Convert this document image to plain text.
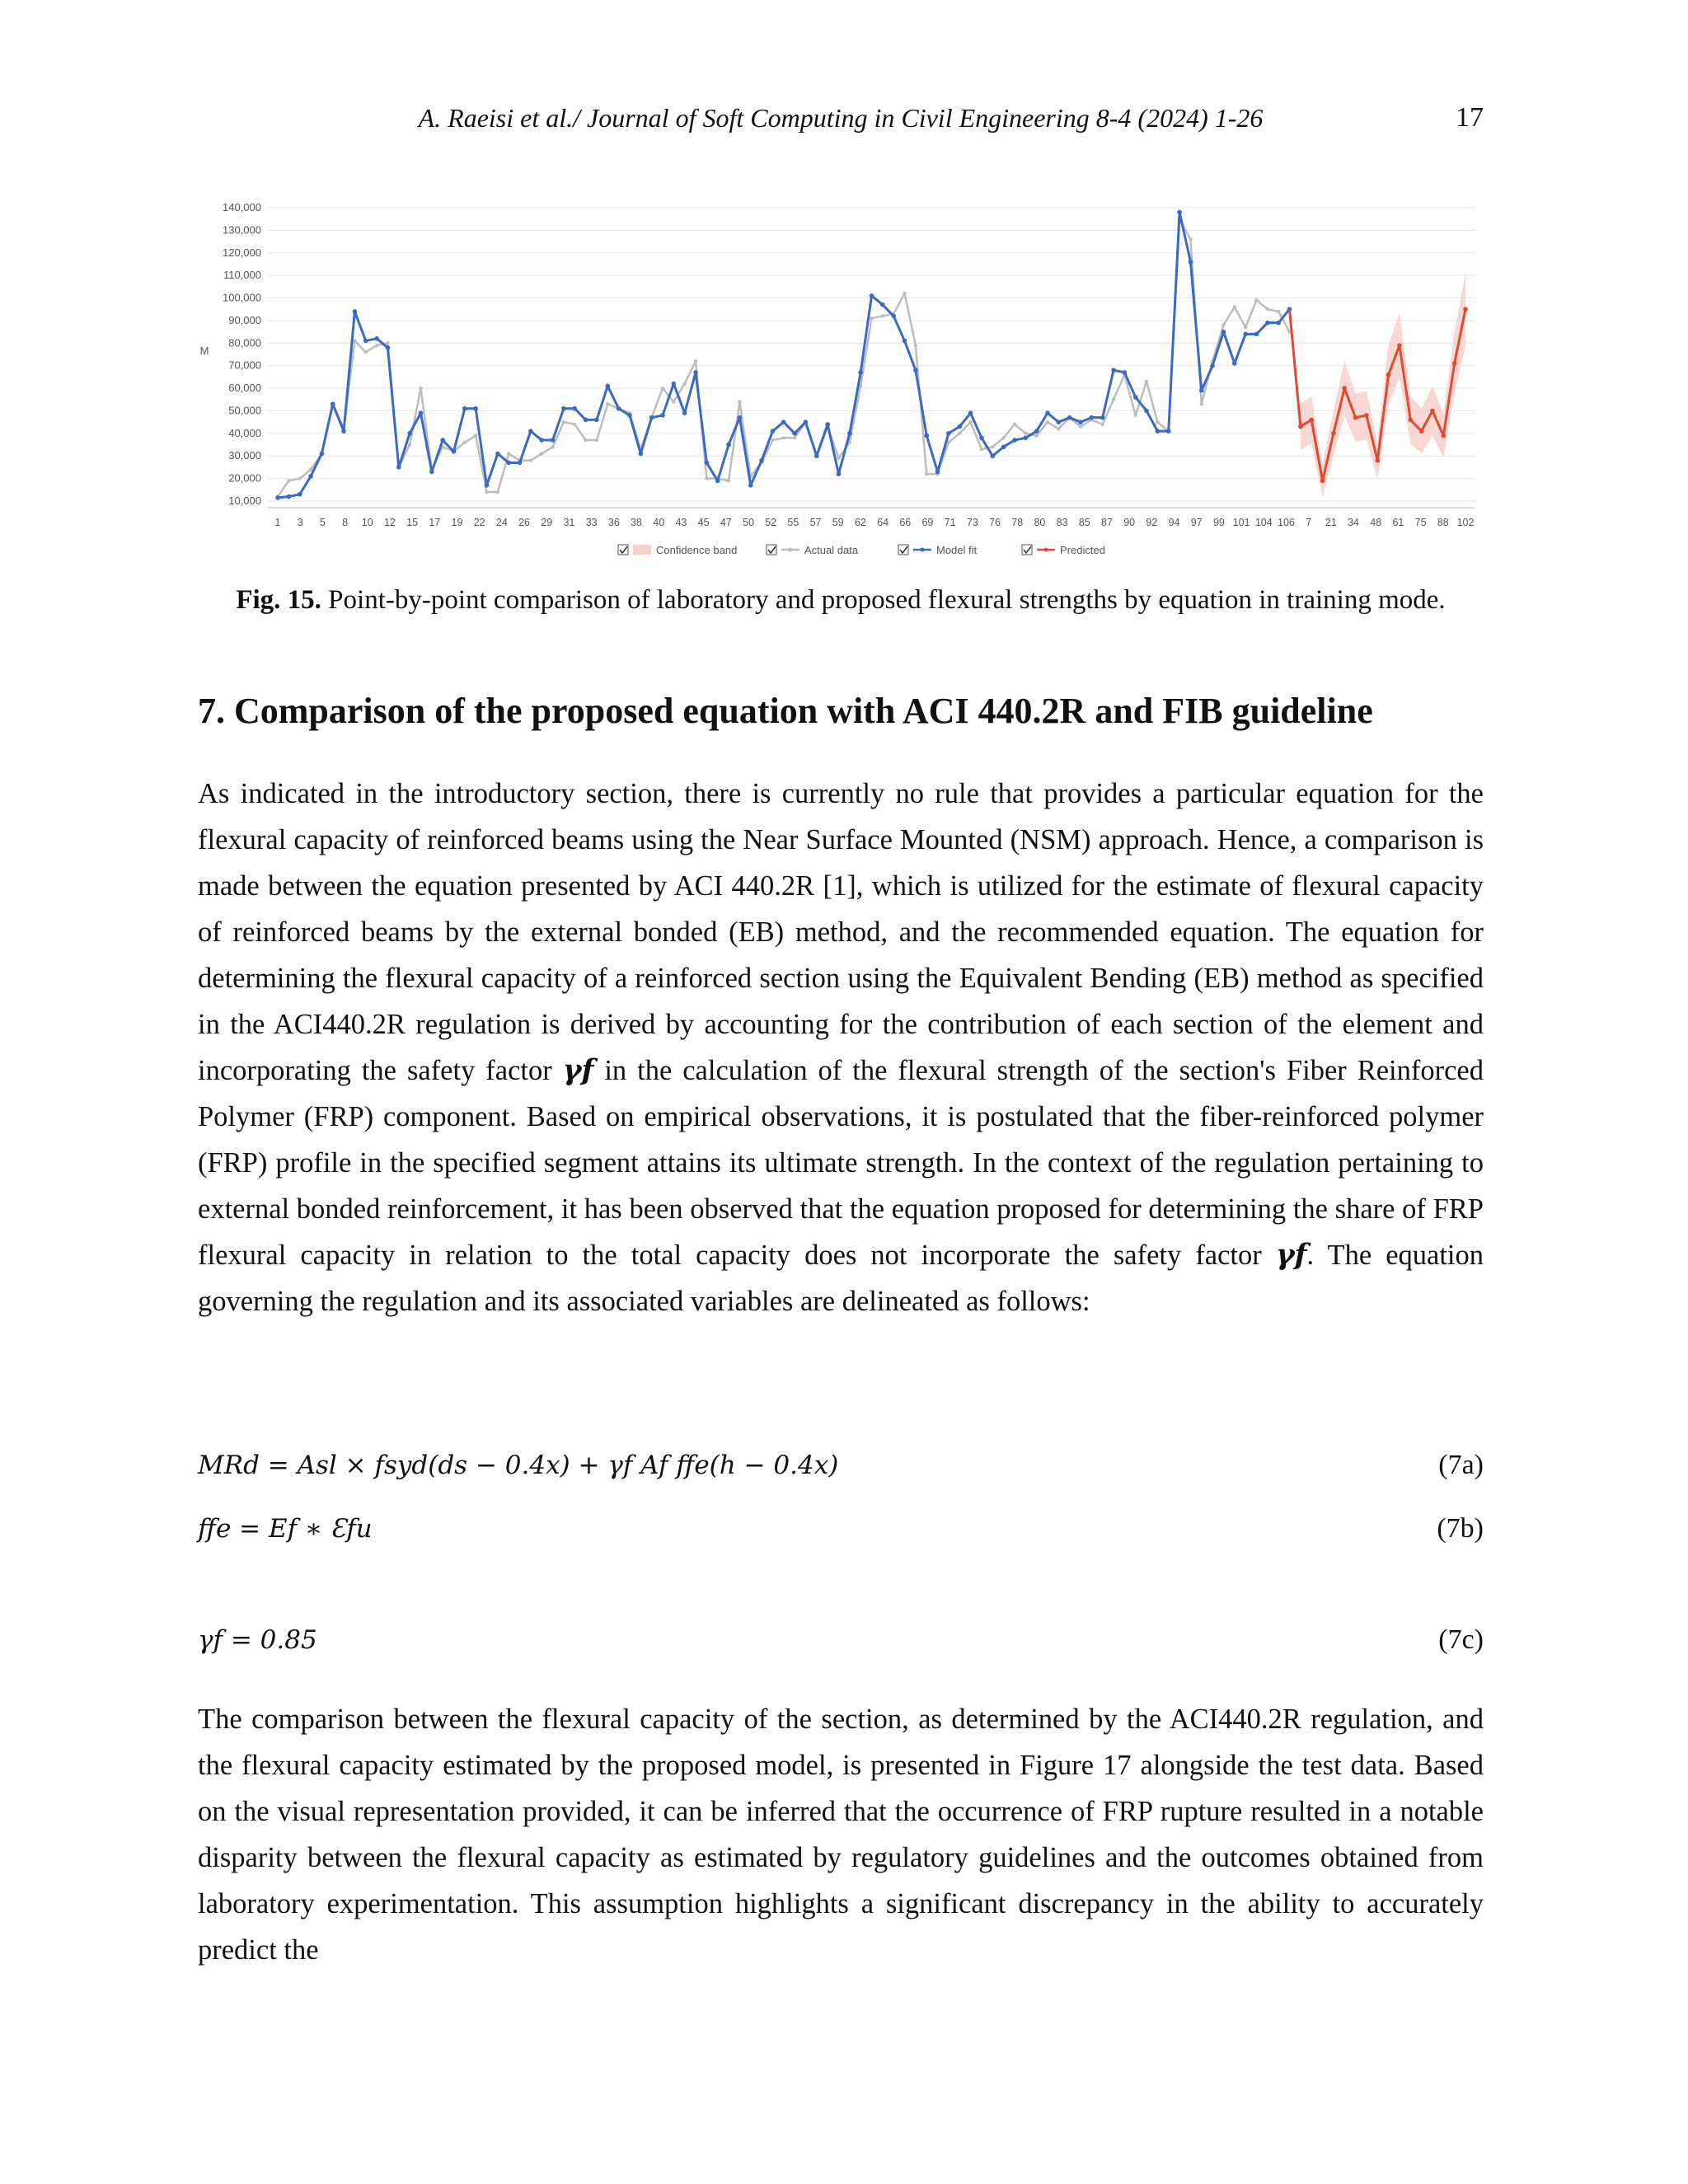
A. Raeisi et al./ Journal of Soft Computing in Civil Engineering 8-4 (2024) 1-26	17
10,000
20,000
30,000
40,000
50,000
60,000
70,000
80,000
90,000
100,000
110,000
120,000
130,000
140,000
M
1 3 5 8 10 12 15 17 19 22 24 26 29 31 33 36 38 40 43 45 47 50 52 55 57 59 62 64 66 69 71 73 76 78 80 83 85 87 90 92 94 97 99 101 104 106 7 21 34 48 61 75 88 102
Confidence band	Actual data	Model fit	Predicted
Fig. 15. Point-by-point comparison of laboratory and proposed flexural strengths by equation in training mode.
7. Comparison of the proposed equation with ACI 440.2R and FIB guideline
As indicated in the introductory section, there is currently no rule that provides a particular equation for the flexural capacity of reinforced beams using the Near Surface Mounted (NSM) approach. Hence, a comparison is made between the equation presented by ACI 440.2R [1], which is utilized for the estimate of flexural capacity of reinforced beams by the external bonded (EB) method, and the recommended equation. The equation for determining the flexural capacity of a reinforced section using the Equivalent Bending (EB) method as specified in the ACI440.2R regulation is derived by accounting for the contribution of each section of the element and incorporating the safety factor γf in the calculation of the flexural strength of the section's Fiber Reinforced Polymer (FRP) component. Based on empirical observations, it is postulated that the fiber-reinforced polymer (FRP) profile in the specified segment attains its ultimate strength. In the context of the regulation pertaining to external bonded reinforcement, it has been observed that the equation proposed for determining the share of FRP flexural capacity in relation to the total capacity does not incorporate the safety factor γf. The equation governing the regulation and its associated variables are delineated as follows:
MRd = Asl × fsyd(ds − 0.4x) + γf Af ffe(h − 0.4x)	(7a)
ffe = Ef ∗ Ɛfu	(7b)
γf = 0.85	(7c)
The comparison between the flexural capacity of the section, as determined by the ACI440.2R regulation, and the flexural capacity estimated by the proposed model, is presented in Figure 17 alongside the test data. Based on the visual representation provided, it can be inferred that the occurrence of FRP rupture resulted in a notable disparity between the flexural capacity as estimated by regulatory guidelines and the outcomes obtained from laboratory experimentation. This assumption highlights a significant discrepancy in the ability to accurately predict the
